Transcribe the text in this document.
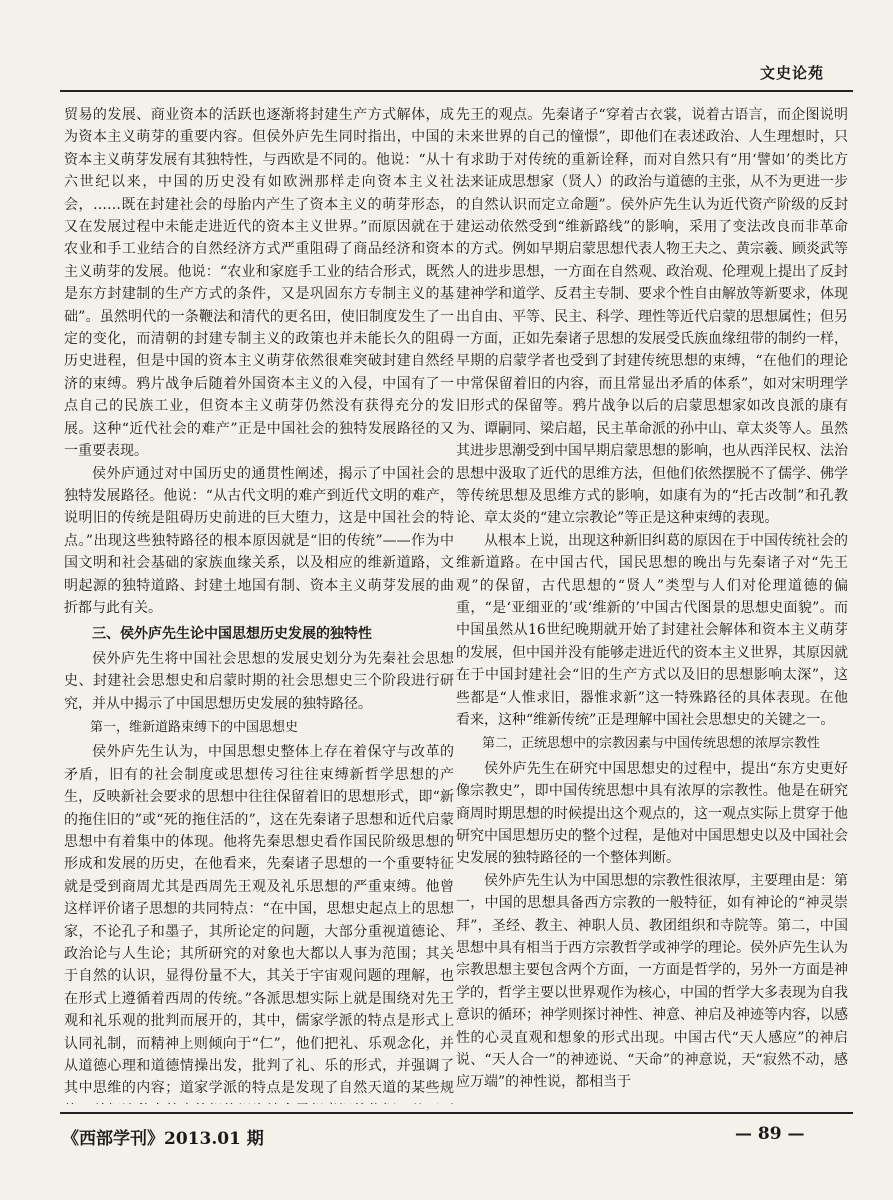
文史论苑

贸易的发展、商业资本的活跃也逐渐将封建生产方式解体，成为资本主义萌芽的重要内容。但侯外庐先生同时指出，中国的资本主义萌芽发展有其独特性，与西欧是不同的。他说：“从十六世纪以来，中国的历史没有如欧洲那样走向资本主义社会，……既在封建社会的母胎内产生了资本主义的萌芽形态，又在发展过程中未能走进近代的资本主义世界。”而原因就在于农业和手工业结合的自然经济方式严重阻碍了商品经济和资本主义萌芽的发展。他说：“农业和家庭手工业的结合形式，既然是东方封建制的生产方式的条件，又是巩固东方专制主义的基础”。虽然明代的一条鞭法和清代的更名田，使旧制度发生了一定的变化，而清朝的封建专制主义的政策也并未能长久的阻碍历史进程，但是中国的资本主义萌芽依然很难突破封建自然经济的束缚。鸦片战争后随着外国资本主义的入侵，中国有了一点自己的民族工业，但资本主义萌芽仍然没有获得充分的发展。这种“近代社会的难产”正是中国社会的独特发展路径的又一重要表现。

侯外庐通过对中国历史的通贯性阐述，揭示了中国社会的独特发展路径。他说：“从古代文明的难产到近代文明的难产，说明旧的传统是阻碍历史前进的巨大堕力，这是中国社会的特点。”出现这些独特路径的根本原因就是“旧的传统”——作为中国文明和社会基础的家族血缘关系，以及相应的维新道路，文明起源的独特道路、封建土地国有制、资本主义萌芽发展的曲折都与此有关。

三、侯外庐先生论中国思想历史发展的独特性

侯外庐先生将中国社会思想的发展史划分为先秦社会思想史、封建社会思想史和启蒙时期的社会思想史三个阶段进行研究，并从中揭示了中国思想历史发展的独特路径。

第一，维新道路束缚下的中国思想史

侯外庐先生认为，中国思想史整体上存在着保守与改革的矛盾，旧有的社会制度或思想传习往往束缚新哲学思想的产生，反映新社会要求的思想中往往保留着旧的思想形式，即“新的拖住旧的”或“死的拖住活的”，这在先秦诸子思想和近代启蒙思想中有着集中的体现。他将先秦思想史看作国民阶级思想的形成和发展的历史，在他看来，先秦诸子思想的一个重要特征就是受到商周尤其是西周先王观及礼乐思想的严重束缚。他曾这样评价诸子思想的共同特点：“在中国，思想史起点上的思想家，不论孔子和墨子，其所论定的问题，大部分重视道德论、政治论与人生论；其所研究的对象也大都以人事为范围；其关于自然的认识，显得份量不大，其关于宇宙观问题的理解，也在形式上遵循着西周的传统。”各派思想实际上就是围绕对先王观和礼乐观的批判而展开的，其中，儒家学派的特点是形式上认同礼制，而精神上则倾向于“仁”，他们把礼、乐观念化，并从道德心理和道德情操出发，批判了礼、乐的形式，并强调了其中思维的内容；道家学派的特点是发现了自然天道的某些规

先王的观点。先秦诸子“穿着古衣裳，说着古语言，而企图说明未来世界的自己的憧憬”，即他们在表述政治、人生理想时，只有求助于对传统的重新诠释，而对自然只有“用‘譬如’的类比方法来证成思想家（贤人）的政治与道德的主张，从不为更进一步的自然认识而定立命题”。侯外庐先生认为近代资产阶级的反封建运动依然受到“维新路线”的影响，采用了变法改良而非革命的方式。例如早期启蒙思想代表人物王夫之、黄宗羲、顾炎武等人的进步思想，一方面在自然观、政治观、伦理观上提出了反封建神学和道学、反君主专制、要求个性自由解放等新要求，体现出自由、平等、民主、科学、理性等近代启蒙的思想属性；但另一方面，正如先秦诸子思想的发展受氏族血缘纽带的制约一样，早期的启蒙学者也受到了封建传统思想的束缚，“在他们的理论中常保留着旧的内容，而且常显出矛盾的体系”，如对宋明理学旧形式的保留等。鸦片战争以后的启蒙思想家如改良派的康有为、谭嗣同、梁启超，民主革命派的孙中山、章太炎等人。虽然其进步思潮受到中国早期启蒙思想的影响，也从西洋民权、法治思想中汲取了近代的思维方法，但他们依然摆脱不了儒学、佛学等传统思想及思维方式的影响，如康有为的“托古改制”和孔教论、章太炎的“建立宗教论”等正是这种束缚的表现。

从根本上说，出现这种新旧纠葛的原因在于中国传统社会的维新道路。在中国古代，国民思想的晚出与先秦诸子对“先王观”的保留，古代思想的“贤人”类型与人们对伦理道德的偏重，“是‘亚细亚的’或‘维新的’中国古代图景的思想史面貌”。而中国虽然从16世纪晚期就开始了封建社会解体和资本主义萌芽的发展，但中国并没有能够走进近代的资本主义世界，其原因就在于中国封建社会“旧的生产方式以及旧的思想影响太深”，这些都是“人惟求旧，器惟求新”这一特殊路径的具体表现。在他看来，这种“维新传统”正是理解中国社会思想史的关键之一。

第二，正统思想中的宗教因素与中国传统思想的浓厚宗教性

侯外庐先生在研究中国思想史的过程中，提出“东方史更好像宗教史”，即中国传统思想中具有浓厚的宗教性。他是在研究商周时期思想的时候提出这个观点的，这一观点实际上贯穿于他研究中国思想历史的整个过程，是他对中国思想史以及中国社会史发展的独特路径的一个整体判断。

侯外庐先生认为中国思想的宗教性很浓厚，主要理由是：第一，中国的思想具备西方宗教的一般特征，如有神论的“神灵崇拜”，圣经、教主、神职人员、教团组织和寺院等。第二，中国思想中具有相当于西方宗教哲学或神学的理论。侯外庐先生认为宗教思想主要包含两个方面，一方面是哲学的，另外一方面是神学的，哲学主要以世界观作为核心，中国的哲学大多表现为自我意识的循环；神学则探讨神性、神意、神启及神迹等内容，以感性的心灵直观和想象的形式出现。中国古代“天人感应”的神启说、“天人合一”的神迹说、“天命”的神意说，天“寂然不动，感应万端”的神性说，都相当于

《西部学刊》2013.01 期	— 89 —
